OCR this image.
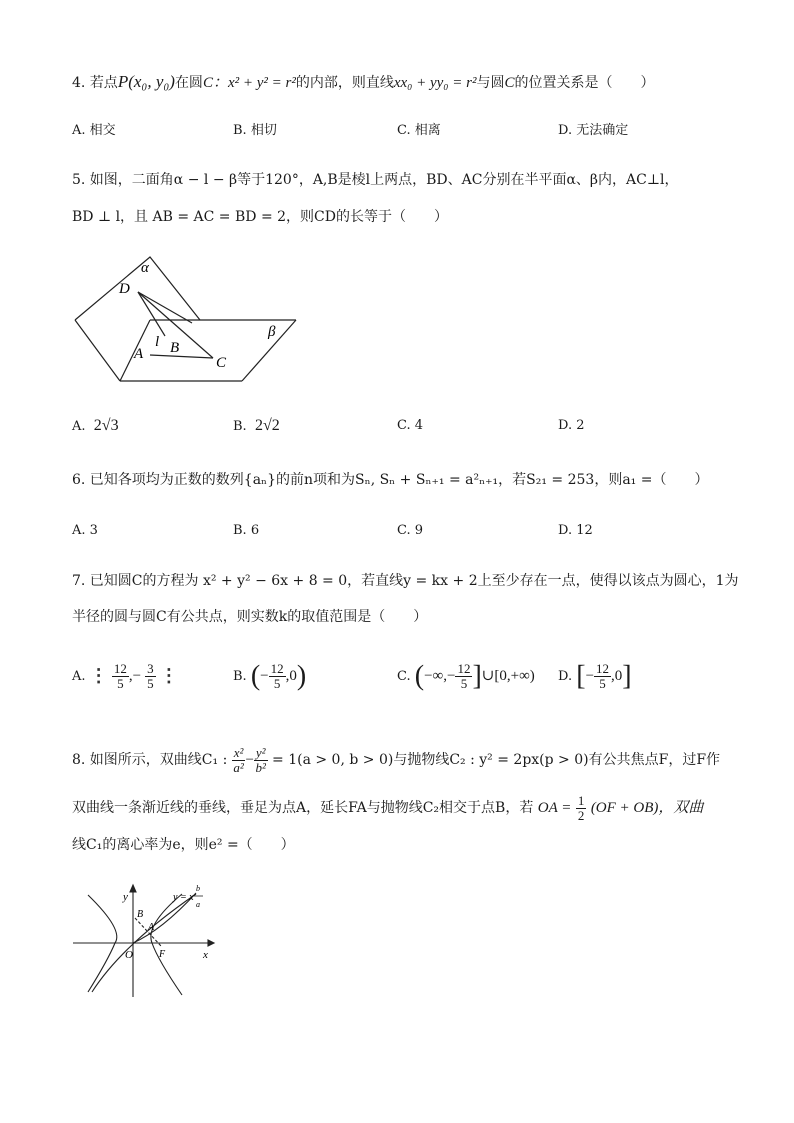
4. 若点P(x₀, y₀)在圆C：x² + y² = r²的内部，则直线xx₀ + yy₀ = r²与圆C的位置关系是（　　）
A. 相交	B. 相切	C. 相离	D. 无法确定
5. 如图，二面角α − l − β等于120°，A,B是棱l上两点，BD、AC分别在半平面α、β内，AC⊥l，
BD ⊥ l，且 AB = AC = BD = 2，则CD的长等于（　　）
α
β
D
l
A B
C
A. 2√3	B. 2√2	C. 4	D. 2
6. 已知各项均为正数的数列{aₙ}的前n项和为Sₙ, Sₙ + Sₙ₊₁ = a²ₙ₊₁，若S₂₁ = 253，则a₁ =（　　）
A. 3	B. 6	C. 9	D. 12
7. 已知圆C的方程为 x² + y² − 6x + 8 = 0，若直线y = kx + 2上至少存在一点，使得以该点为圆心，1为
半径的圆与圆C有公共点，则实数k的取值范围是（　　）
A. ⋮ $\frac{12}{5}$ ,− $\frac{3}{5}$ ⋮	B. (− $\frac{12}{5} ,0$)	C. (−∞,− $\frac{12}{5}$ ]∪[0,+∞) D. [− $\frac{12}{5} ,0$]
8. 如图所示，双曲线C₁ : $\frac{\text{x²}}{\text{a²}} - \frac{\text{y²}}{\text{b²}} = 1(a > 0$, b > 0)与抛物线C₂ : y² = 2px(p > 0)有公共焦点F，过F作
双曲线一条渐近线的垂线，垂足为点A，延长FA与抛物线C₂相交于点B，若 OA = $\frac{1}{2} (OF + OB)$，双曲
线C₁的离心率为e，则e² =（　　）
y
x
O
B
A
F
y = x
b
a
